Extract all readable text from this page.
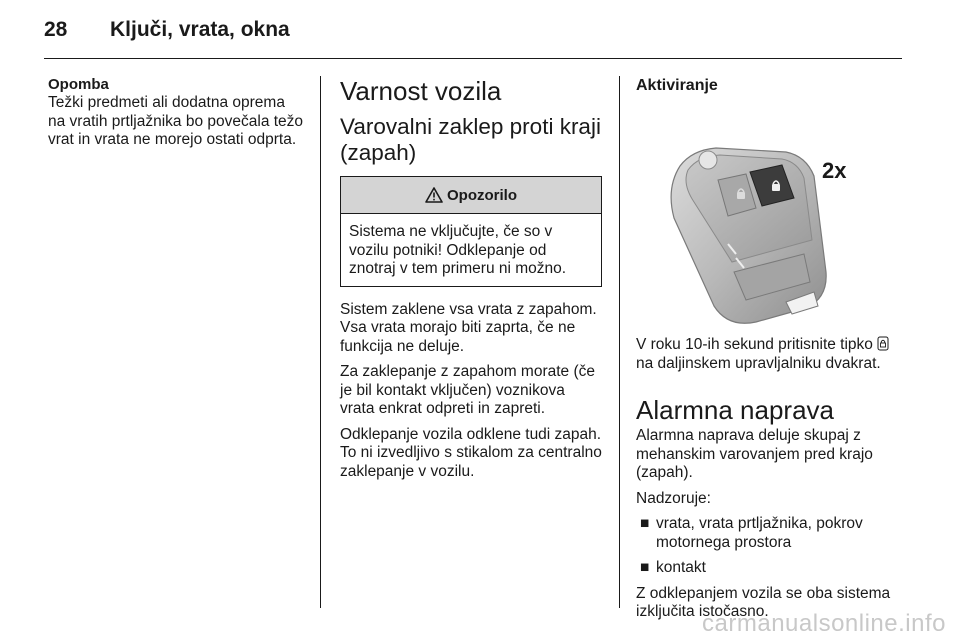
28	Ključi, vrata, okna

Opomba

Težki predmeti ali dodatna oprema na vratih prtljažnika bo povečala težo vrat in vrata ne morejo ostati odprta.

Varnost vozila
Varovalni zaklep proti kraji (zapah)
Opozorilo

Sistema ne vključujte, če so v vozilu potniki! Odklepanje od znotraj v tem primeru ni možno.

Sistem zaklene vsa vrata z zapahom. Vsa vrata morajo biti zaprta, če ne funkcija ne deluje.

Za zaklepanje z zapahom morate (če je bil kontakt vključen) voznikova vrata enkrat odpreti in zapreti.

Odklepanje vozila odklene tudi zapah. To ni izvedljivo s stikalom za centralno zaklepanje v vozilu.

Aktiviranje
2x

V roku 10-ih sekund pritisnite tipko  na daljinskem upravljalniku dvakrat.

Alarmna naprava

Alarmna naprava deluje skupaj z mehanskim varovanjem pred krajo (zapah).

Nadzoruje:

■ vrata, vrata prtljažnika, pokrov motornega prostora
■ kontakt

Z odklepanjem vozila se oba sistema izključita istočasno.

carmanualsonline.info
